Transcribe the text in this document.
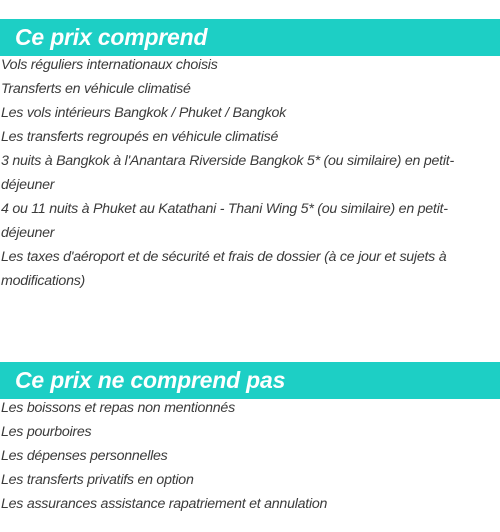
Ce prix comprend
Vols réguliers internationaux choisis
Transferts en véhicule climatisé
Les vols intérieurs Bangkok / Phuket / Bangkok
Les transferts regroupés en véhicule climatisé
3 nuits à Bangkok à l'Anantara Riverside Bangkok 5* (ou similaire) en petit-déjeuner
4 ou 11 nuits à Phuket au Katathani - Thani Wing 5* (ou similaire) en petit-déjeuner
Les taxes d'aéroport et de sécurité et frais de dossier (à ce jour et sujets à modifications)
Ce prix ne comprend pas
Les boissons et repas non mentionnés
Les pourboires
Les dépenses personnelles
Les transferts privatifs en option
Les assurances assistance rapatriement et annulation
